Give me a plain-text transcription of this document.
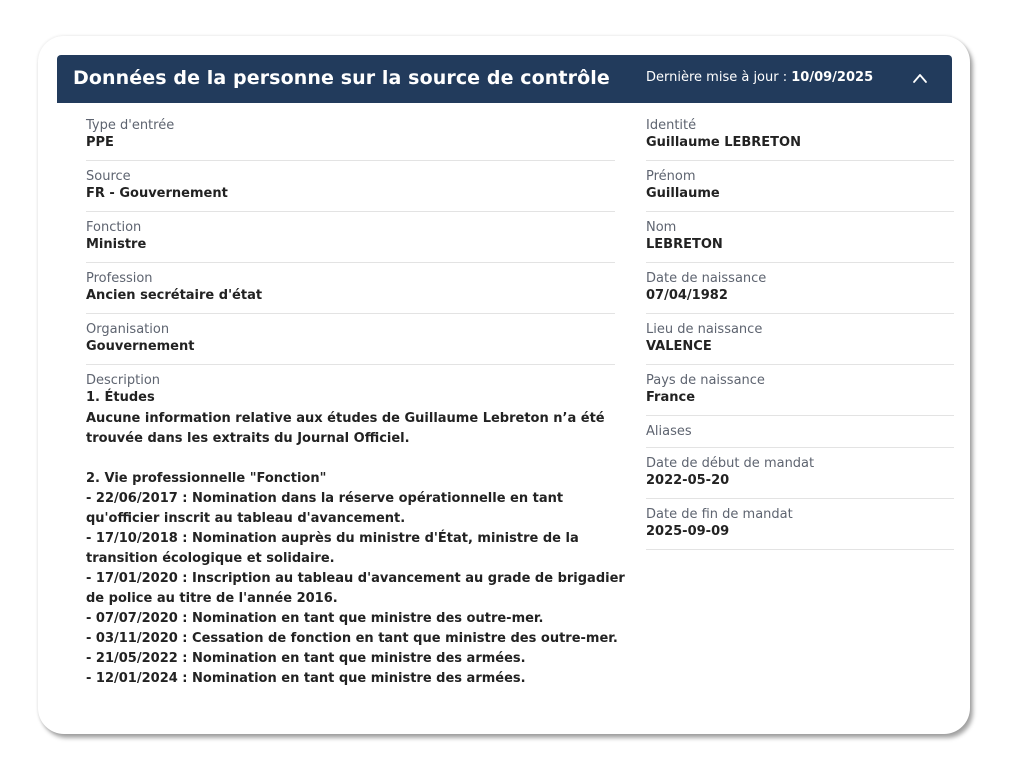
Données de la personne sur la source de contrôle	Dernière mise à jour : 10/09/2025
Type d'entrée
PPE
Source
FR - Gouvernement
Fonction
Ministre
Profession
Ancien secrétaire d'état
Organisation
Gouvernement
Description
1. Études
Aucune information relative aux études de Guillaume Lebreton n’a été
trouvée dans les extraits du Journal Officiel.
2. Vie professionnelle "Fonction"
- 22/06/2017 : Nomination dans la réserve opérationnelle en tant
qu'officier inscrit au tableau d'avancement.
- 17/10/2018 : Nomination auprès du ministre d'État, ministre de la
transition écologique et solidaire.
- 17/01/2020 : Inscription au tableau d'avancement au grade de brigadier
de police au titre de l'année 2016.
- 07/07/2020 : Nomination en tant que ministre des outre-mer.
- 03/11/2020 : Cessation de fonction en tant que ministre des outre-mer.
- 21/05/2022 : Nomination en tant que ministre des armées.
- 12/01/2024 : Nomination en tant que ministre des armées.
Identité
Guillaume LEBRETON
Prénom
Guillaume
Nom
LEBRETON
Date de naissance
07/04/1982
Lieu de naissance
VALENCE
Pays de naissance
France
Aliases
Date de début de mandat
2022-05-20
Date de fin de mandat
2025-09-09
